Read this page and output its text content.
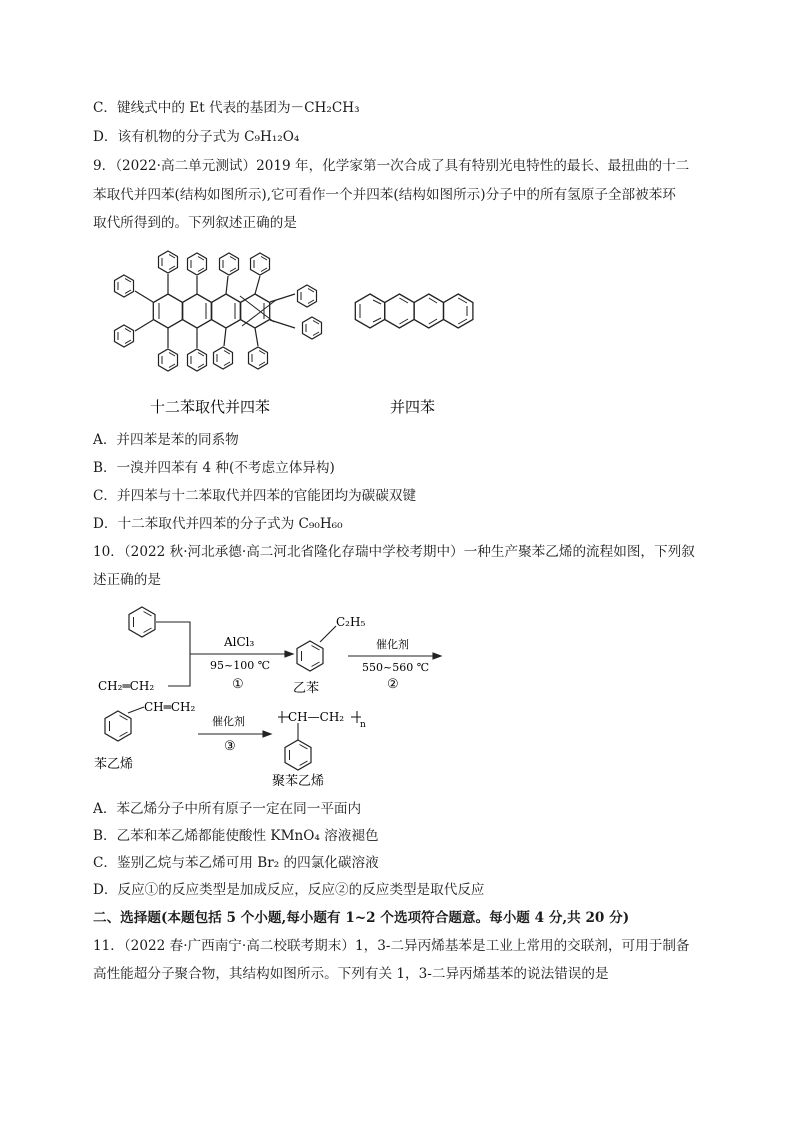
C．键线式中的 Et 代表的基团为－CH₂CH₃
D．该有机物的分子式为 C₉H₁₂O₄
9．（2022·高二单元测试）2019 年，化学家第一次合成了具有特别光电特性的最长、最扭曲的十二
苯取代并四苯(结构如图所示),它可看作一个并四苯(结构如图所示)分子中的所有氢原子全部被苯环
取代所得到的。下列叙述正确的是
十二苯取代并四苯	并四苯
A．并四苯是苯的同系物
B．一溴并四苯有 4 种(不考虑立体异构)
C．并四苯与十二苯取代并四苯的官能团均为碳碳双键
D．十二苯取代并四苯的分子式为 C₉₀H₆₀
10．（2022 秋·河北承德·高二河北省隆化存瑞中学校考期中）一种生产聚苯乙烯的流程如图，下列叙
述正确的是
CH₂═CH₂
AlCl₃
95~100 ℃
①
C₂H₅
乙苯
催化剂
550~560 ℃
②
CH═CH₂
苯乙烯
催化剂
③
CH—CH₂
n
聚苯乙烯
A．苯乙烯分子中所有原子一定在同一平面内
B．乙苯和苯乙烯都能使酸性 KMnO₄ 溶液褪色
C．鉴别乙烷与苯乙烯可用 Br₂ 的四氯化碳溶液
D．反应①的反应类型是加成反应，反应②的反应类型是取代反应
二、选择题(本题包括 5 个小题,每小题有 1~2 个选项符合题意。每小题 4 分,共 20 分)
11．（2022 春·广西南宁·高二校联考期末）1，3-二异丙烯基苯是工业上常用的交联剂，可用于制备
高性能超分子聚合物，其结构如图所示。下列有关 1，3-二异丙烯基苯的说法错误的是
